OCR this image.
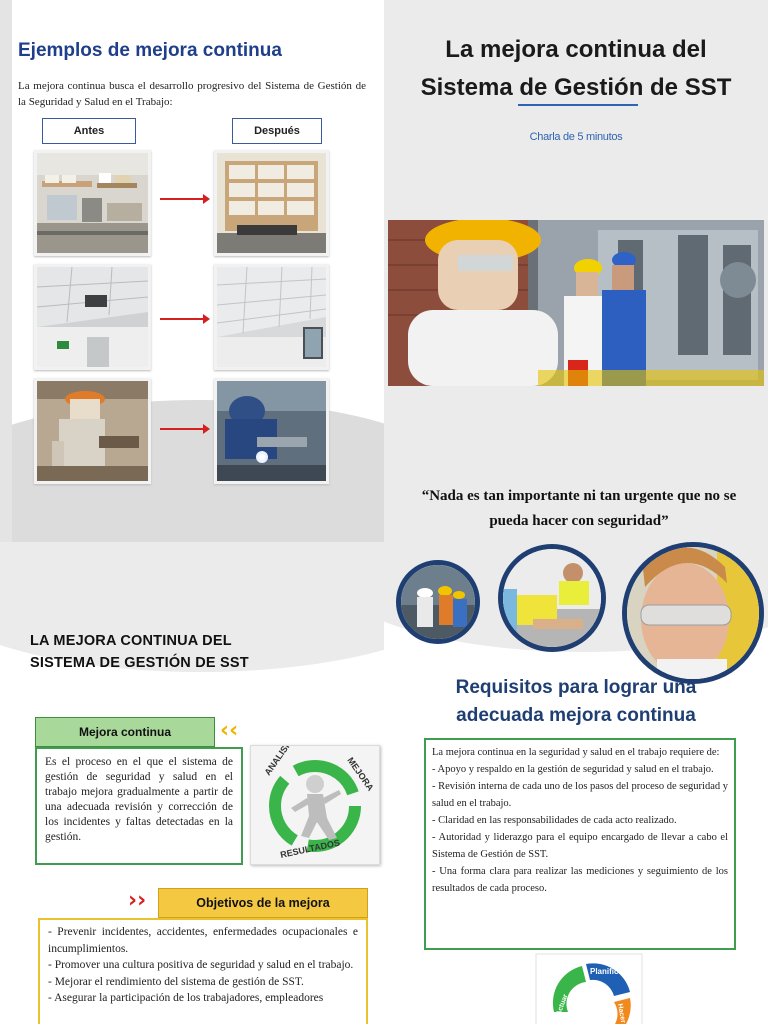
Ejemplos de mejora continua
La mejora continua busca el desarrollo progresivo del Sistema de Gestión de la Seguridad y Salud en el Trabajo:
Antes	Después
La mejora continua del
Sistema de Gestión de SST
Charla de 5 minutos
“Nada es tan importante ni tan urgente que no se pueda hacer con seguridad”
LA MEJORA CONTINUA DEL
SISTEMA DE GESTIÓN DE SST
Mejora continua	‹‹
Es el proceso en el que el sistema de gestión de seguridad y salud en el trabajo mejora gradualmente a partir de una adecuada revisión y corrección de los incidentes y faltas detectadas en la gestión.
ANALISIS	MEJORA
RESULTADOS
››	Objetivos de la mejora
- Prevenir incidentes, accidentes, enfermedades ocupacionales e incumplimientos.
- Promover una cultura positiva de seguridad y salud en el trabajo.
- Mejorar el rendimiento del sistema de gestión de SST.
- Asegurar la participación de los trabajadores, empleadores
Requisitos para lograr una
adecuada mejora continua

La mejora continua en la seguridad y salud en el trabajo requiere de:

- Apoyo y respaldo en la gestión de seguridad y salud en el trabajo.

- Revisión interna de cada uno de los pasos del proceso de seguridad y salud en el trabajo.

- Claridad en las responsabilidades de cada acto realizado.

- Autoridad y liderazgo para el equipo encargado de llevar a cabo el Sistema de Gestión de SST.

- Una forma clara para realizar las mediciones y seguimiento de los resultados de cada proceso.

Planificar
Hacer
Actuar
